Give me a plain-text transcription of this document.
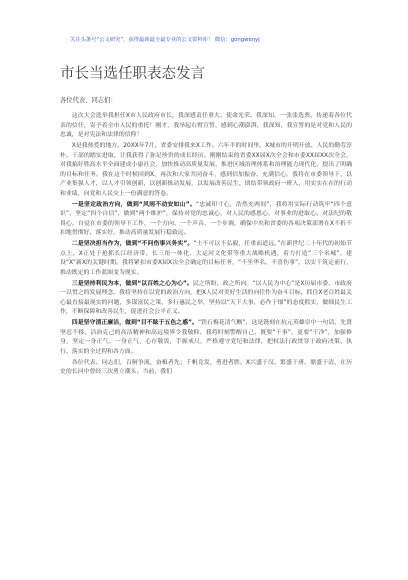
关注头条号“公文研究”，获得最新最全最专业的公文资料库！ 微信：gongwenyj
市长当选任职表态发言
各位代表、同志们：

这次大会选举我担任X市人民政府市长，我深感责任重大、使命光荣。我深知，一张张选票，传递着各位代表的信任，寄予着全市人民的重托！刚才，我举起右臂宣誓，感到心潮澎湃，我深知，我宣誓的是对党和人民的忠诚，是对宪法和法律的信仰！

X是我热爱的地方。20XX年7月，省委安排我来X工作。六年半的时间里，X城市的开明开放、人民的勤劳淳朴、干部的踏实进取，让我获得了弥足珍贵的成长经历。刚刚结束的省委XX届X次全会和市委XX届XX次全会，对我搞好胜高水平全面建成小康社会、加快推动高质量发展、推进区域治理体系和治理能力现代化，提出了明确的目标和任务。我在这个时候回到X，再次和大家共同奋斗，感到信加振奋、充满信心。我将在市委领导下，以产业集强人才，以人才引领创新，以创新推动发展，以发展改善民生，团结带领政府一班人，用实实在在的行动和业绩，向党和人民交上一份满意的答卷。

一是坚定政治方向，做到“风雨不动安如山”。“忠诚印寸心，浩然充两间”，我将用实际行动筑牢“四个意识”、坚定“四个自信”、做到“两个维护”，保持对党的忠诚心、对人民的感恩心、对事业的进取心、对法纪的敬畏心，自觉在市委的领导下工作，一个方向、一个声音、一个步调，确保中央和省委的各项决策部署在X不折不扣地贯彻好、落实好，推动高质量发展行稳致远。

二是坚决担当作为，做到“不问伤事兴务实”。“土不可以不弘毅，任重而道远。”在新世纪二十年代的初始节点上，X正处于抢抓长江经济带、长三角一体化、大运河文化带等重大战略机遇，着力打造“三个名城”、建设“X”新X的关键时期。我将紧扣市委X届X次全会确定的目标任务，“不坐华名、不喜伤事”，以实干筑定前行，推动既定的工作蓝图变为现实。

三是坚持利民为本，做到“以百姓之心为心”。民之所盼，政之所向。“以人民为中心”是X历届市委、市政府一以贯之的发展理念。我将坚持在以党的政治方向，把X人民对美好生活的向往作为奋斗目标，抓住X老百姓最关心最直接最现实的问题，多谋富民之策，多行惠民之举，坚持以“天下大事，必作于细”的态度抓实，做细民生工作，不断保障和改善民生，促进社会公平正义。

四是坚守清正廉洁，做到“目不眩于五色之惑”。“铁石梅花清气概”，这是镌刻在抗元英雄卓中一句话，先贤坚忍不移、洁治克己的高洁精神和高远境界令我敬仰。我将时刻警醒自己，既要“干事”，更要“干净”，加强修身，坚定一身正气、一身正气，心存敬畏，手握戒尺，严格遵守党纪和法律，把权法行政贯穿于政府决策、执行、落实的全过程和各方面。

各位代表、同志们，百舸争流，奋楫者先；千帆竞发，勇进者胜。X兴盛于汉、繁盛于唐、鼎盛于清，在历史的长河中曾经三次勇立潮头。当前，我们
